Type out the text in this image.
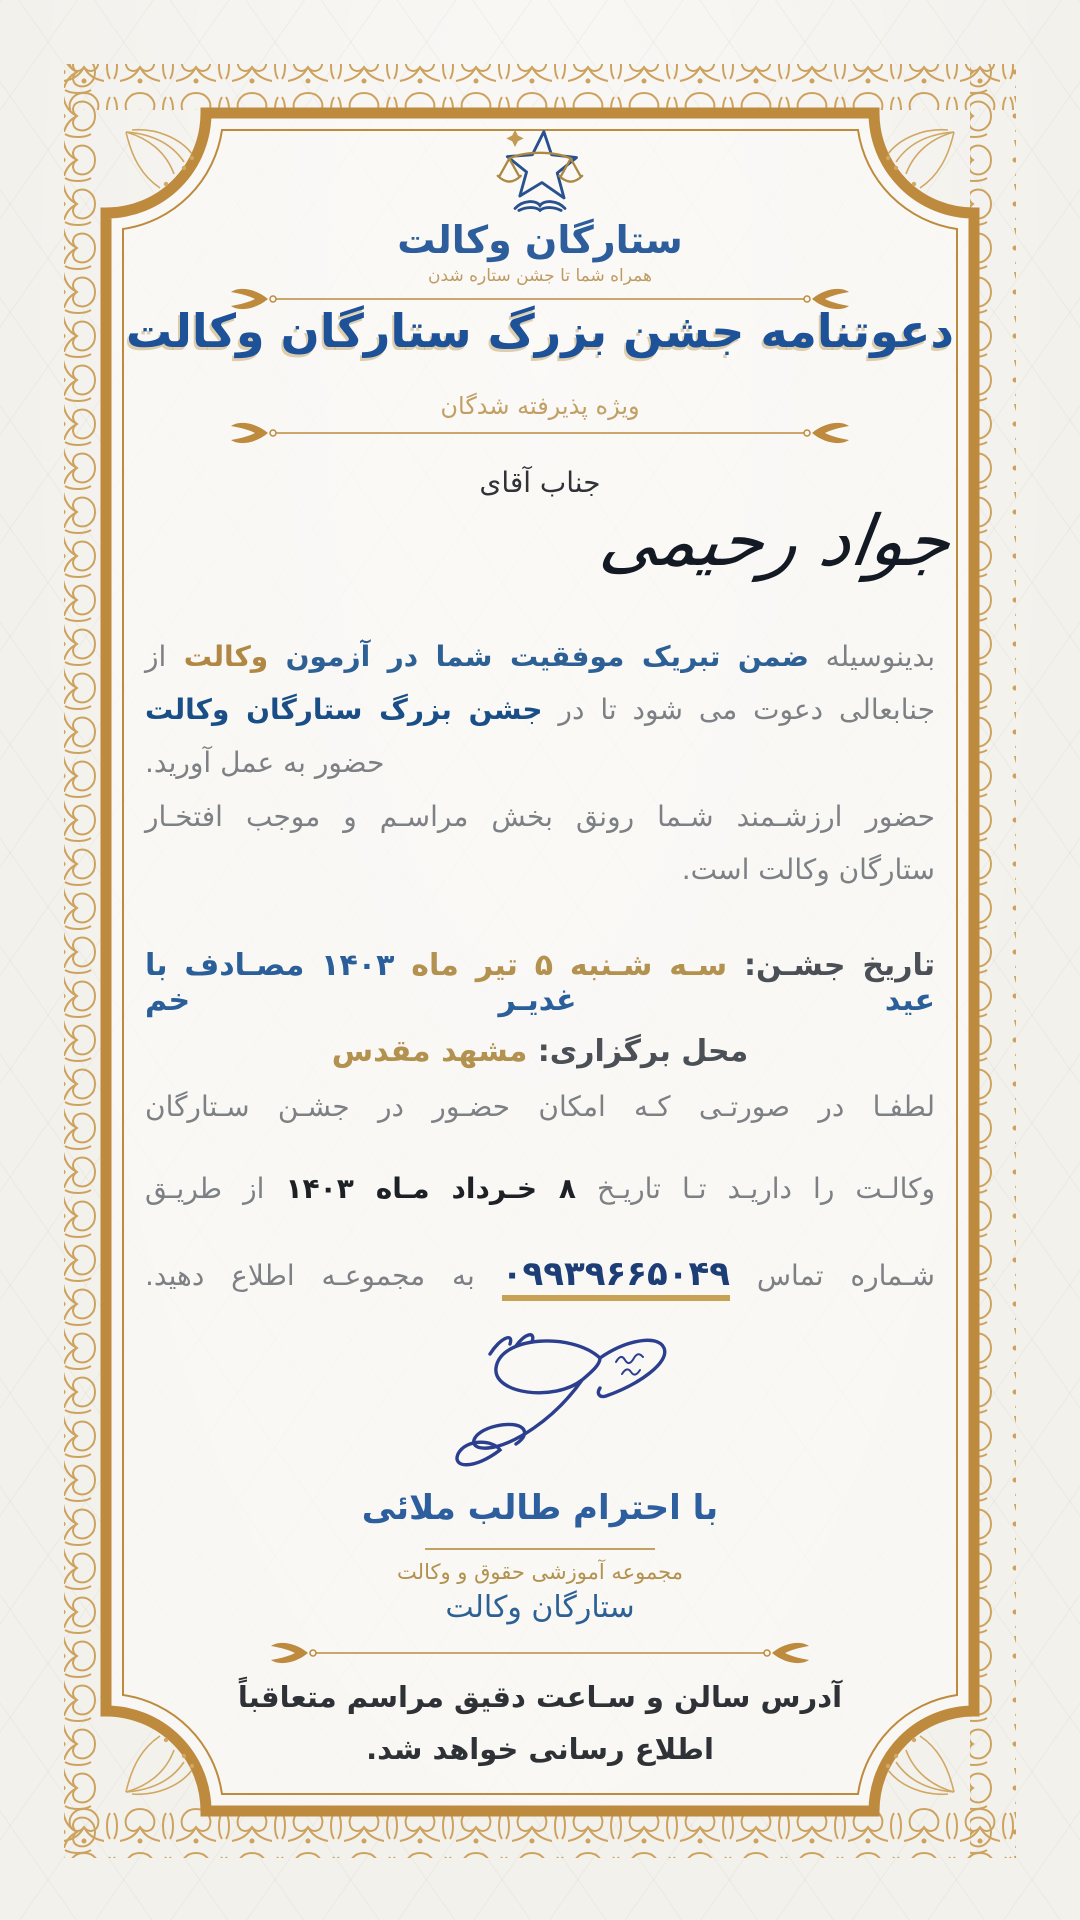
ستارگان وکالت
همراه شما تا جشن ستاره شدن
دعوتنامه جشن بزرگ ستارگان وکالت
ویژه پذیرفته شدگان
جناب آقای
جواد رحیمی
بدینوسیله ضمن تبریک موفقیت شما در آزمون وکالت از
جنابعالی دعوت می شود تا در جشن بزرگ ستارگان وکالت
حضور به عمل آورید.
حضور ارزشـمند شـما رونق بخش مراسـم و موجب افتخـار
ستارگان وکالت است.
تاریخ جشـن: سـه شـنبه ۵ تیر ماه ۱۴۰۳ مصـادف با عید غدیـر خم
محل برگزاری: مشهد مقدس
لطفـا در صورتـی کـه امکان حضـور در جشـن سـتارگان
وکالـت را داریـد تـا تاریـخ ۸ خـرداد مـاه ۱۴۰۳ از طریـق
شـماره تماس ۰۹۹۳۹۶۶۵۰۴۹ به مجموعـه اطلاع دهید.
با احترام طالب ملائی
مجموعه آموزشی حقوق و وکالت
ستارگان وکالت
آدرس سالن و سـاعت دقیق مراسم متعاقباً
اطلاع رسانی خواهد شد.
